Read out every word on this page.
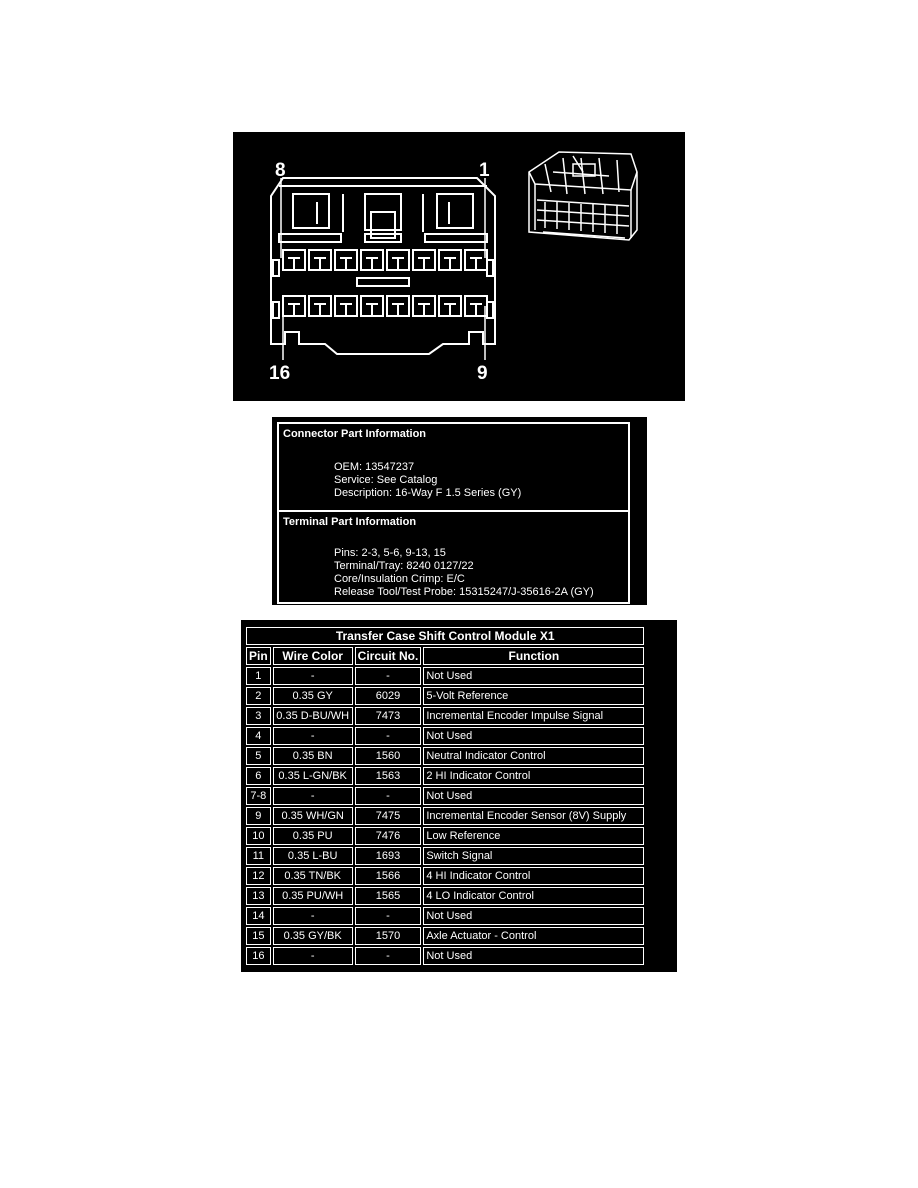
8	1
16	9
Connector Part Information
OEM: 13547237
Service: See Catalog
Description: 16-Way F 1.5 Series (GY)
Terminal Part Information
Pins: 2-3, 5-6, 9-13, 15
Terminal/Tray: 8240 0127/22
Core/Insulation Crimp: E/C
Release Tool/Test Probe: 15315247/J-35616-2A (GY)
Transfer Case Shift Control Module X1			
Pin	Wire Color	Circuit No.	Function
1	-	-	Not Used
2	0.35 GY	6029	5-Volt Reference
3	0.35 D-BU/WH	7473	Incremental Encoder Impulse Signal
4	-	-	Not Used
5	0.35 BN	1560	Neutral Indicator Control
6	0.35 L-GN/BK	1563	2 HI Indicator Control
7-8	-	-	Not Used
9	0.35 WH/GN	7475	Incremental Encoder Sensor (8V) Supply
10	0.35 PU	7476	Low Reference
11	0.35 L-BU	1693	Switch Signal
12	0.35 TN/BK	1566	4 HI Indicator Control
13	0.35 PU/WH	1565	4 LO Indicator Control
14	-	-	Not Used
15	0.35 GY/BK	1570	Axle Actuator - Control
16	-	-	Not Used
